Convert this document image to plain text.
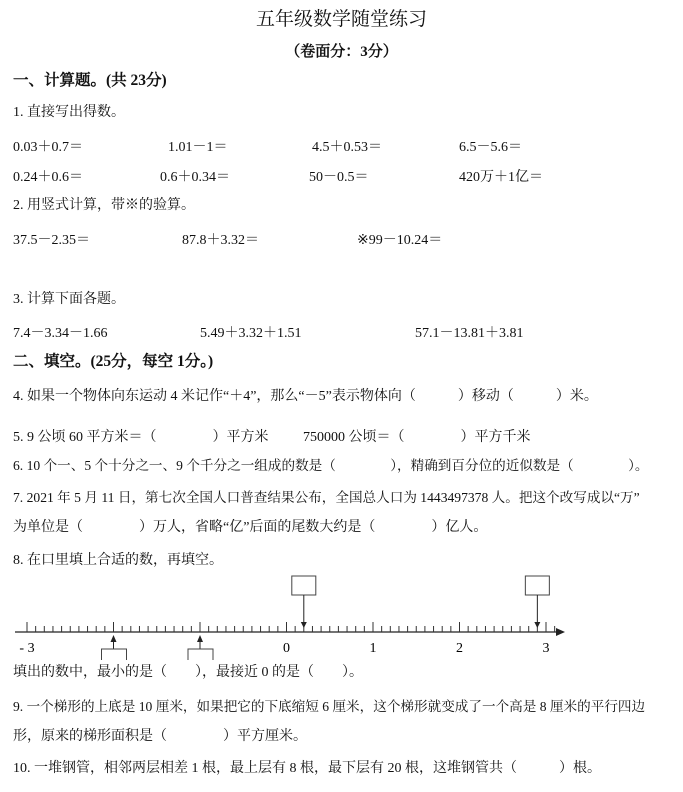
五年级数学随堂练习
（卷面分：3分）
一、计算题。(共 23分)
1. 直接写出得数。
0.03＋0.7＝	1.01－1＝	4.5＋0.53＝	6.5－5.6＝
0.24＋0.6＝	0.6＋0.34＝	50－0.5＝	420万＋1亿＝
2. 用竖式计算，带※的验算。
37.5－2.35＝	87.8＋3.32＝	※99－10.24＝
3. 计算下面各题。
7.4－3.34－1.66	5.49＋3.32＋1.51	57.1－13.81＋3.81
二、填空。(25分，每空 1分。)
4. 如果一个物体向东运动 4 米记作“＋4”，那么“－5”表示物体向（　　　）移动（　　　）米。
5. 9 公顷 60 平方米＝（　　　　）平方米 750000 公顷＝（　　　　）平方千米
6. 10 个一、5 个十分之一、9 个千分之一组成的数是（　　　　），精确到百分位的近似数是（　　　　）。
7. 2021 年 5 月 11 日，第七次全国人口普查结果公布，全国总人口为 1443497378 人。把这个改写成以“万”
为单位是（　　　　）万人，省略“亿”后面的尾数大约是（　　　　）亿人。
8. 在口里填上合适的数，再填空。
- 3	0	1	2	3
填出的数中，最小的是（　　），最接近 0 的是（　　）。
9. 一个梯形的上底是 10 厘米，如果把它的下底缩短 6 厘米，这个梯形就变成了一个高是 8 厘米的平行四边
形，原来的梯形面积是（　　　　）平方厘米。
10. 一堆钢管，相邻两层相差 1 根，最上层有 8 根，最下层有 20 根，这堆钢管共（　　　）根。
